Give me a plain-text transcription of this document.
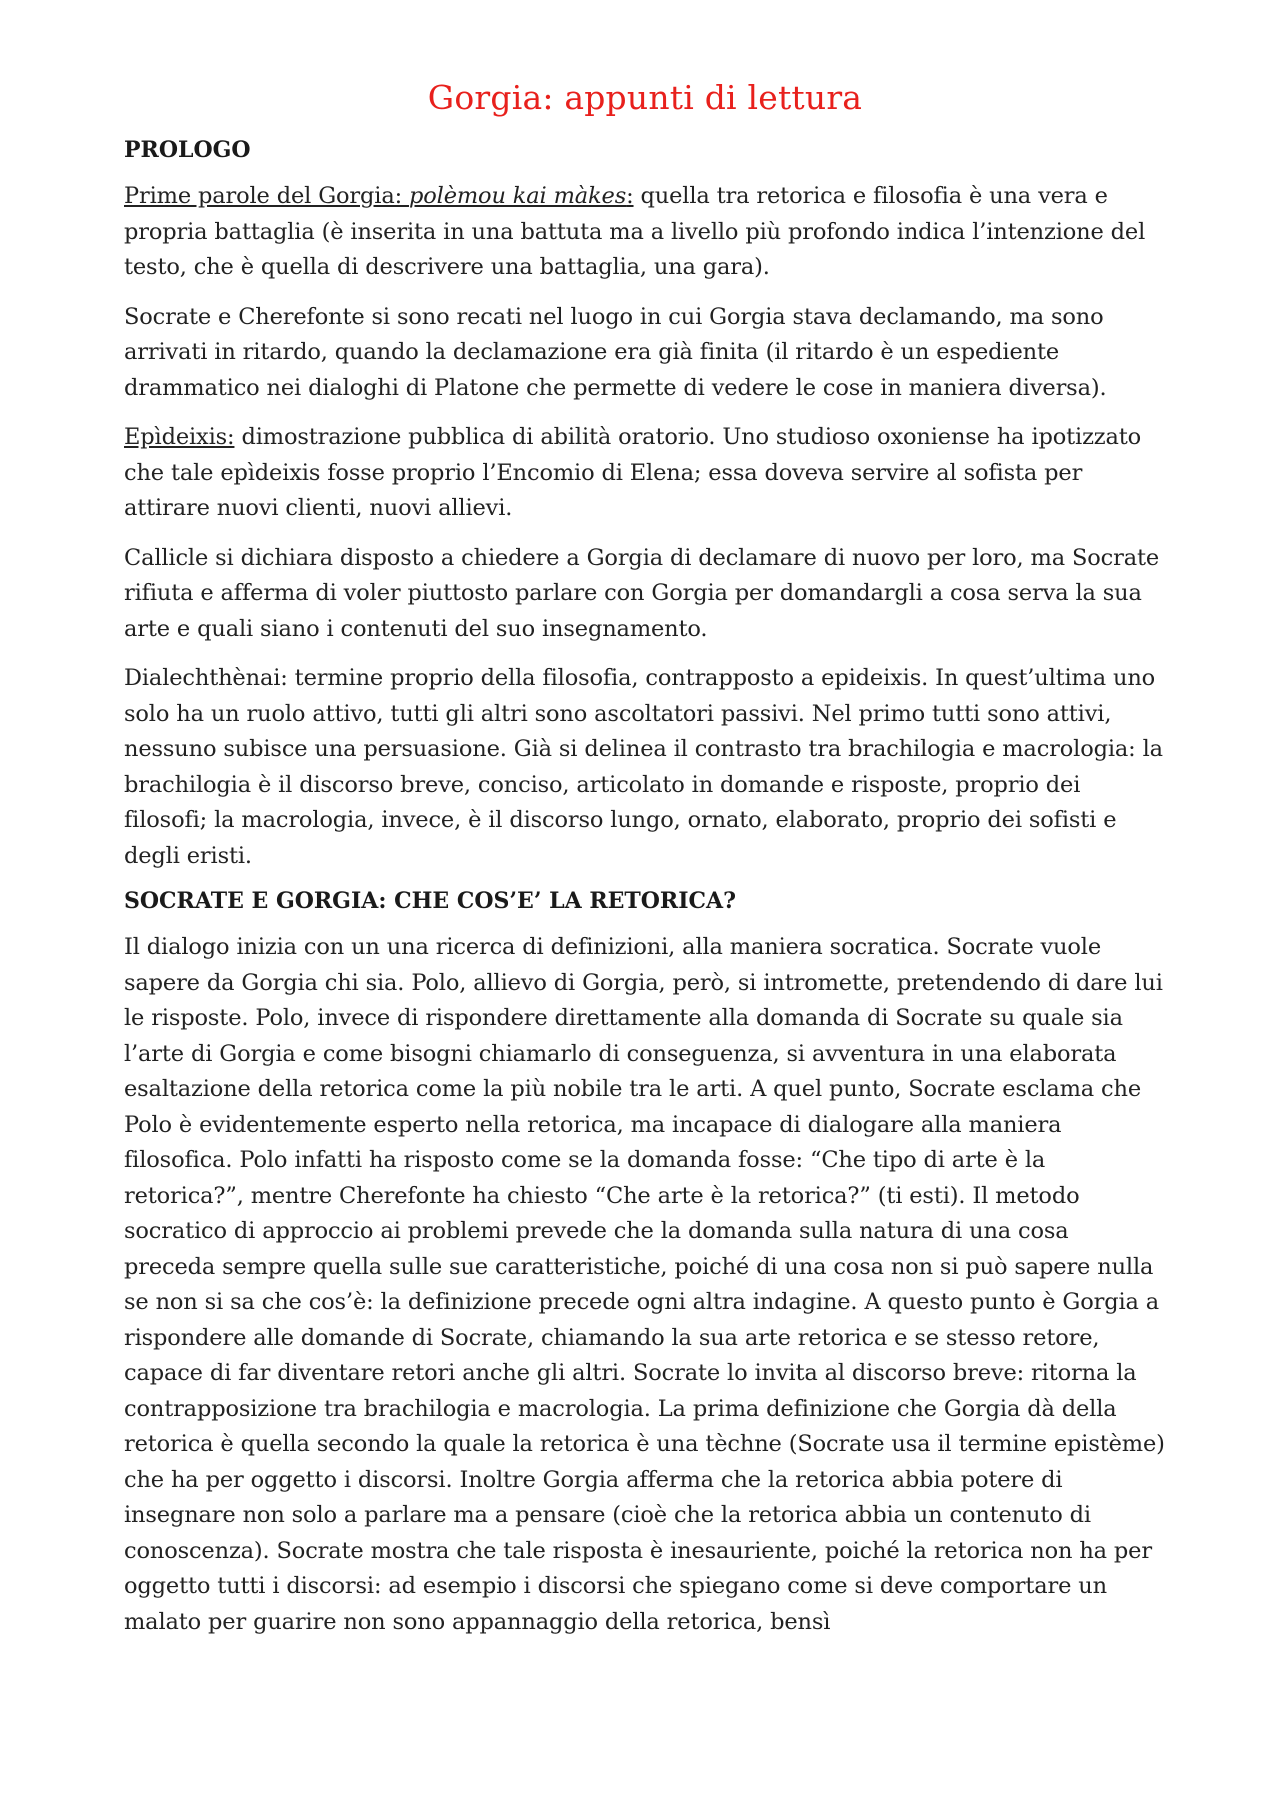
Gorgia: appunti di lettura
PROLOGO

Prime parole del Gorgia: polèmou kai màkes: quella tra retorica e filosofia è una vera e propria battaglia (è inserita in una battuta ma a livello più profondo indica l’intenzione del testo, che è quella di descrivere una battaglia, una gara).

Socrate e Cherefonte si sono recati nel luogo in cui Gorgia stava declamando, ma sono arrivati in ritardo, quando la declamazione era già finita (il ritardo è un espediente drammatico nei dialoghi di Platone che permette di vedere le cose in maniera diversa).

Epìdeixis: dimostrazione pubblica di abilità oratorio. Uno studioso oxoniense ha ipotizzato che tale epìdeixis fosse proprio l’Encomio di Elena; essa doveva servire al sofista per attirare nuovi clienti, nuovi allievi.

Callicle si dichiara disposto a chiedere a Gorgia di declamare di nuovo per loro, ma Socrate rifiuta e afferma di voler piuttosto parlare con Gorgia per domandargli a cosa serva la sua arte e quali siano i contenuti del suo insegnamento.

Dialechthènai: termine proprio della filosofia, contrapposto a epideixis. In quest’ultima uno solo ha un ruolo attivo, tutti gli altri sono ascoltatori passivi. Nel primo tutti sono attivi, nessuno subisce una persuasione. Già si delinea il contrasto tra brachilogia e macrologia: la brachilogia è il discorso breve, conciso, articolato in domande e risposte, proprio dei filosofi; la macrologia, invece, è il discorso lungo, ornato, elaborato, proprio dei sofisti e degli eristi.

SOCRATE E GORGIA: CHE COS’E’ LA RETORICA?

Il dialogo inizia con un una ricerca di definizioni, alla maniera socratica. Socrate vuole sapere da Gorgia chi sia. Polo, allievo di Gorgia, però, si intromette, pretendendo di dare lui le risposte. Polo, invece di rispondere direttamente alla domanda di Socrate su quale sia l’arte di Gorgia e come bisogni chiamarlo di conseguenza, si avventura in una elaborata esaltazione della retorica come la più nobile tra le arti. A quel punto, Socrate esclama che Polo è evidentemente esperto nella retorica, ma incapace di dialogare alla maniera filosofica. Polo infatti ha risposto come se la domanda fosse: “Che tipo di arte è la retorica?”, mentre Cherefonte ha chiesto “Che arte è la retorica?” (ti esti). Il metodo socratico di approccio ai problemi prevede che la domanda sulla natura di una cosa preceda sempre quella sulle sue caratteristiche, poiché di una cosa non si può sapere nulla se non si sa che cos’è: la definizione precede ogni altra indagine. A questo punto è Gorgia a rispondere alle domande di Socrate, chiamando la sua arte retorica e se stesso retore, capace di far diventare retori anche gli altri. Socrate lo invita al discorso breve: ritorna la contrapposizione tra brachilogia e macrologia. La prima definizione che Gorgia dà della retorica è quella secondo la quale la retorica è una tèchne (Socrate usa il termine epistème) che ha per oggetto i discorsi. Inoltre Gorgia afferma che la retorica abbia potere di insegnare non solo a parlare ma a pensare (cioè che la retorica abbia un contenuto di conoscenza). Socrate mostra che tale risposta è inesauriente, poiché la retorica non ha per oggetto tutti i discorsi: ad esempio i discorsi che spiegano come si deve comportare un malato per guarire non sono appannaggio della retorica, bensì
